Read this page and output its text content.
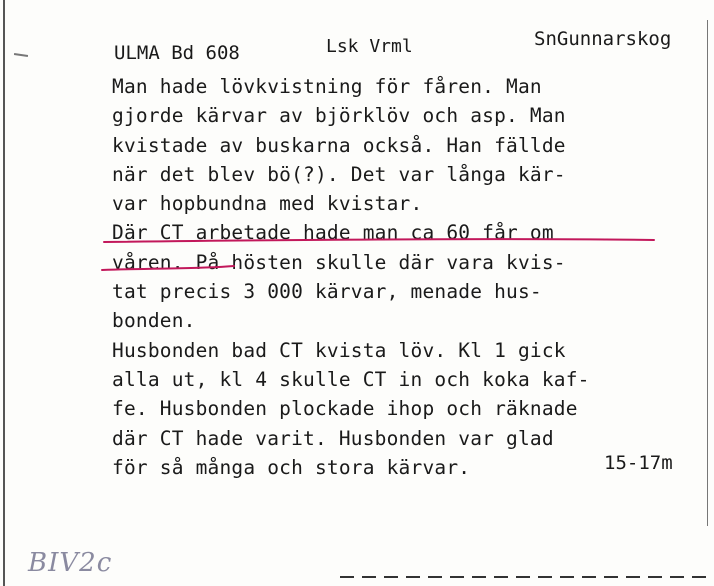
ULMA Bd 608	Lsk Vrml	SnGunnarskog
Man hade lövkvistning för fåren. Man
gjorde kärvar av björklöv och asp. Man
kvistade av buskarna också. Han fällde
när det blev bö(?). Det var långa kär-
var hopbundna med kvistar.
Där CT arbetade hade man ca 60 får om
våren. På hösten skulle där vara kvis-
tat precis 3 000 kärvar, menade hus-
bonden.
Husbonden bad CT kvista löv. Kl 1 gick
alla ut, kl 4 skulle CT in och koka kaf-
fe. Husbonden plockade ihop och räknade
där CT hade varit. Husbonden var glad
för så många och stora kärvar.	15-17m
BIV2c
